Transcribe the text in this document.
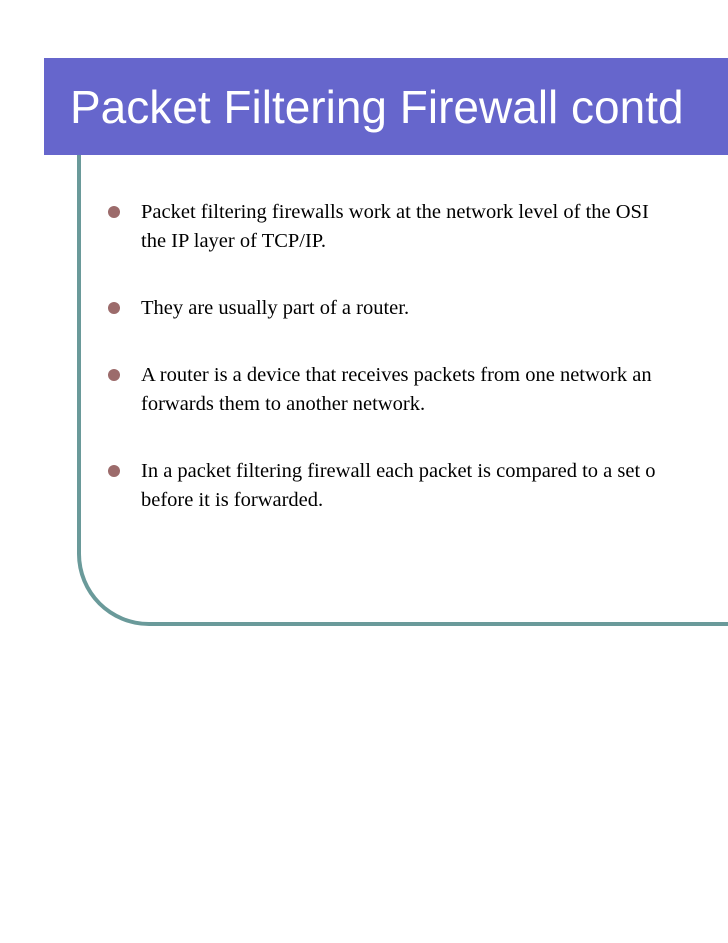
Packet Filtering Firewall contd
Packet filtering firewalls work at the network level of the OSI
the IP layer of TCP/IP.
They are usually part of a router.
A router is a device that receives packets from one network an
forwards them to another network.
In a packet filtering firewall each packet is compared to a set o
before it is forwarded.
